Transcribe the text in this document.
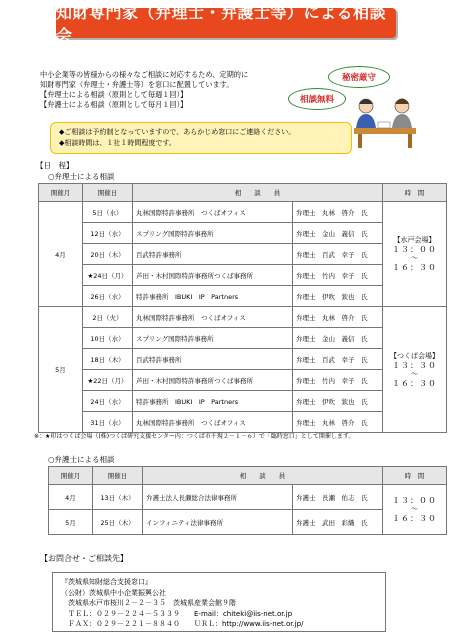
知財専門家（弁理士・弁護士等）による相談会
中小企業等の皆様からの様々なご相談に対応するため、定期的に
知財専門家（弁理士・弁護士等）を窓口に配置しています。
【弁理士による相談（原則として毎週１回）】
【弁護士による相談（原則として毎月１回）】
秘密厳守
相談無料
◆ご相談は予約制となっていますので、あらかじめ窓口にご連絡ください。
◆相談時間は、１社１時間程度です。
【日　程】
○弁理士による相談
開催月	開催日	相　　談　　員		時　間
4月	5日（水）	丸林国際特許事務所　つくばオフィス	弁理士　丸林　啓介　氏	【水戸会場】
１３：００
～
１６：３０

	12日（水）	スプリング国際特許事務所	弁理士　金山　義信　氏	
	20日（木）	百武特許事務所	弁理士　百武　幸子　氏	
	★24日（月）	芦田・木村国際特許事務所つくば事務所	弁理士　竹内　幸子　氏	
	26日（水）	特許事務所　IBUKI　IP　Partners	弁理士　伊吹　欽也　氏	
5月	2日（火）	丸林国際特許事務所　つくばオフィス	弁理士　丸林　啓介　氏	【つくば会場】
１３：３０
～
１６：３０

	10日（水）	スプリング国際特許事務所	弁理士　金山　義信　氏	
	18日（木）	百武特許事務所	弁理士　百武　幸子　氏	
	★22日（月）	芦田・木村国際特許事務所つくば事務所	弁理士　竹内　幸子　氏	
	24日（水）	特許事務所　IBUKI　IP　Partners	弁理士　伊吹　欽也　氏	
	31日（水）	丸林国際特許事務所　つくばオフィス	弁理士　丸林　啓介　氏	
※：★印はつくば会場（(株)つくば研究支援センター内：つくば市千現２－１－６）で「臨時窓口」として開催します。
○弁護士による相談
開催月	開催日	相　　談　　員		時　間
4月	13日（木）	弁護士法人長瀬総合法律事務所	弁護士　長瀬　佑志　氏	１３：００
～
１６：３０

5月	25日（木）	インフィニティ法律事務所	弁護士　武田　彩織　氏	
【お問合せ・ご相談先】
『茨城県知財総合支援窓口』
（公財）茨城県中小企業振興公社
　茨城県水戸市桜川２－２－３５　茨城県産業会館９階
　ＴＥＬ：０２９－２２４－５３３９　　E-mail：chiteki@iis-net.or.jp
　ＦＡＸ：０２９－２２１－８８４０　　ＵＲＬ：http://www.iis-net.or.jp/
